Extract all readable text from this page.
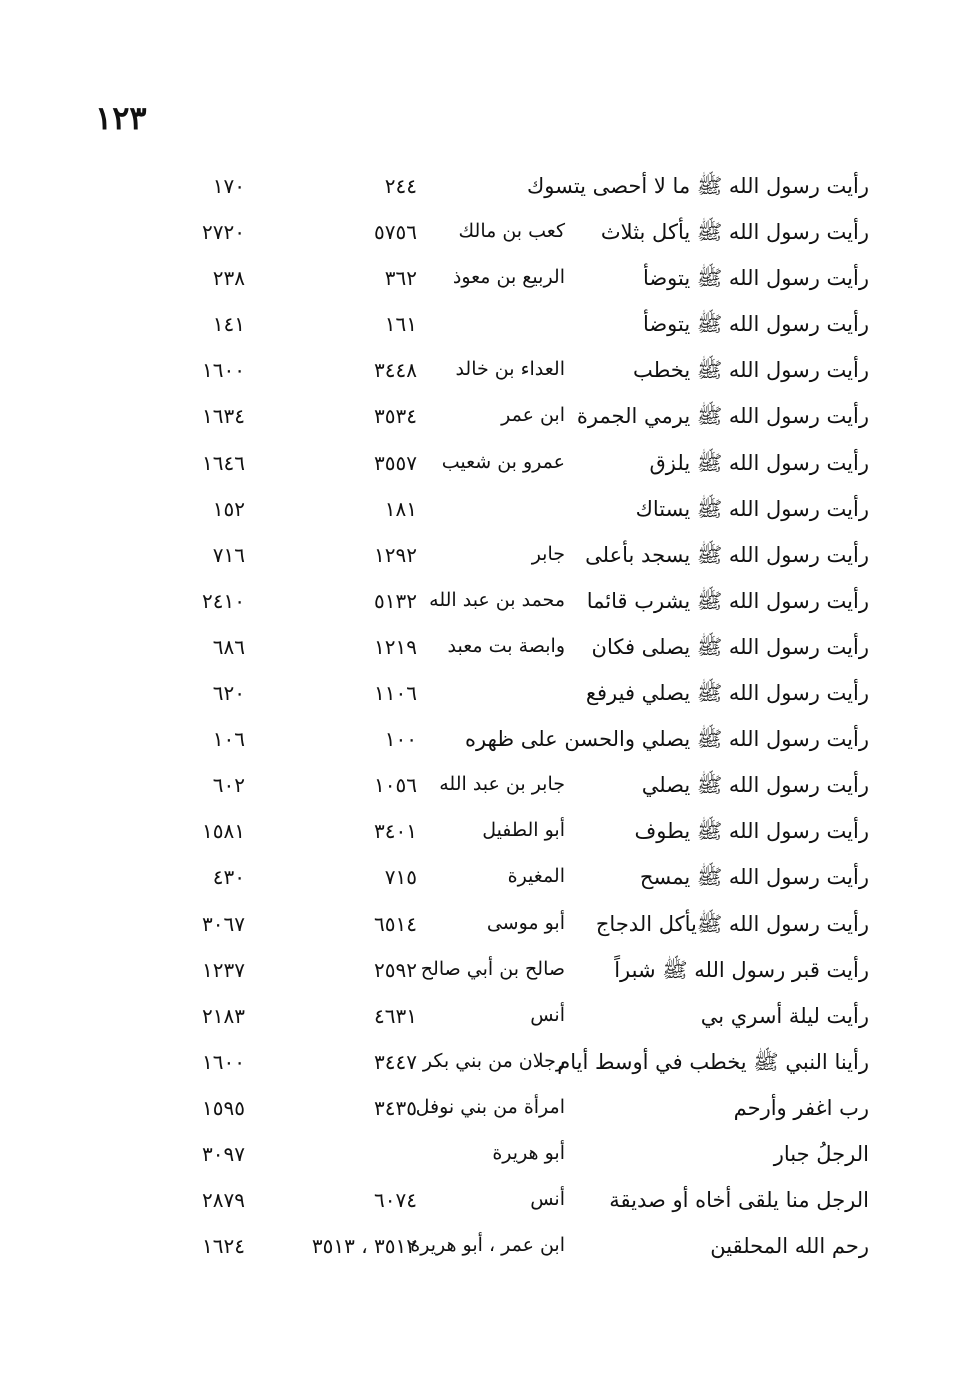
١٢٣
رأيت رسول الله ﷺ ما لا أحصى يتسوك
٢٤٤
١٧٠
رأيت رسول الله ﷺ يأكل بثلاث
كعب بن مالك
٥٧٥٦
٢٧٢٠
رأيت رسول الله ﷺ يتوضأ
الربيع بن معوذ
٣٦٢
٢٣٨
رأيت رسول الله ﷺ يتوضأ
١٦١
١٤١
رأيت رسول الله ﷺ يخطب
العداء بن خالد
٣٤٤٨
١٦٠٠
رأيت رسول الله ﷺ يرمي الجمرة
ابن عمر
٣٥٣٤
١٦٣٤
رأيت رسول الله ﷺ يلزق
عمرو بن شعيب
٣٥٥٧
١٦٤٦
رأيت رسول الله ﷺ يستاك
١٨١
١٥٢
رأيت رسول الله ﷺ يسجد بأعلى
جابر
١٢٩٢
٧١٦
رأيت رسول الله ﷺ يشرب قائما
محمد بن عبد الله
٥١٣٢
٢٤١٠
رأيت رسول الله ﷺ يصلى فكان
وابصة بت معبد
١٢١٩
٦٨٦
رأيت رسول الله ﷺ يصلي فيرفع
١١٠٦
٦٢٠
رأيت رسول الله ﷺ يصلي والحسن على ظهره
١٠٠
١٠٦
رأيت رسول الله ﷺ يصلي
جابر بن عبد الله
١٠٥٦
٦٠٢
رأيت رسول الله ﷺ يطوف
أبو الطفيل
٣٤٠١
١٥٨١
رأيت رسول الله ﷺ يمسح
المغيرة
٧١٥
٤٣٠
رأيت رسول الله ﷺيأكل الدجاج
أبو موسى
٦٥١٤
٣٠٦٧
رأيت قبر رسول الله ﷺ شبراً
صالح بن أبي صالح
٢٥٩٢
١٢٣٧
رأيت ليلة أسري بي
أنس
٤٦٣١
٢١٨٣
رأينا النبي ﷺ يخطب في أوسط أيام
رجلان من بني بكر
٣٤٤٧
١٦٠٠
رب اغفر وأرحم
امرأة من بني نوفل
٣٤٣٥
١٥٩٥
الرجلُ جبار
أبو هريرة
٣٠٩٧
الرجل منا يلقى أخاه أو صديقة
أنس
٦٠٧٤
٢٨٧٩
رحم الله المحلقين
ابن عمر ، أبو هريرة
٣٥١٢ ، ٣٥١٣
١٦٢٤
